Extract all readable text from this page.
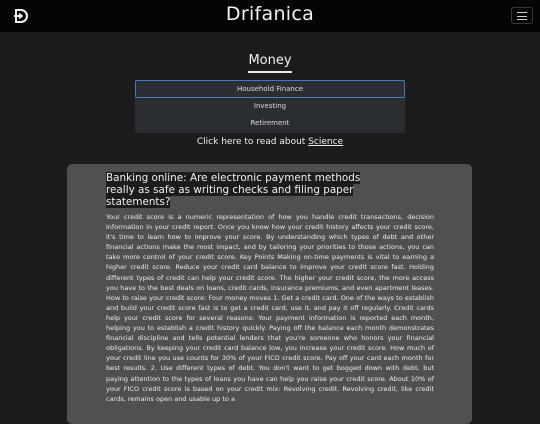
Drifanica
Money
Household Finance
Investing
Retirement
Click here to read about Science
Banking online: Are electronic payment methods really as safe as writing checks and filing paper statements?
Your credit score is a numeric representation of how you handle credit transactions, decision information in your credit report. Once you know how your credit history affects your credit score, it's time to learn how to improve your score. By understanding which types of debt and other financial actions make the most impact, and by tailoring your priorities to those actions, you can take more control of your credit score. Key Points Making on-time payments is vital to earning a higher credit score. Reduce your credit card balance to improve your credit score fast. Holding different types of credit can help your credit score. The higher your credit score, the more access you have to the best deals on loans, credit cards, insurance premiums, and even apartment leases. How to raise your credit score: Four money moves 1. Get a credit card. One of the ways to establish and build your credit score fast is to get a credit card, use it, and pay it off regularly. Credit cards help your credit score for several reasons: Your payment information is reported each month, helping you to establish a credit history quickly. Paying off the balance each month demonstrates financial discipline and tells potential lenders that you're someone who honors your financial obligations. By keeping your credit card balance low, you increase your credit score. How much of your credit line you use counts for 30% of your FICO credit score. Pay off your card each month for best results. 2. Use different types of debt. You don't want to get bogged down with debt, but paying attention to the types of loans you have can help you raise your credit score. About 10% of your FICO credit score is based on your credit mix: Revolving credit. Revolving credit, like credit cards, remains open and usable up to a
